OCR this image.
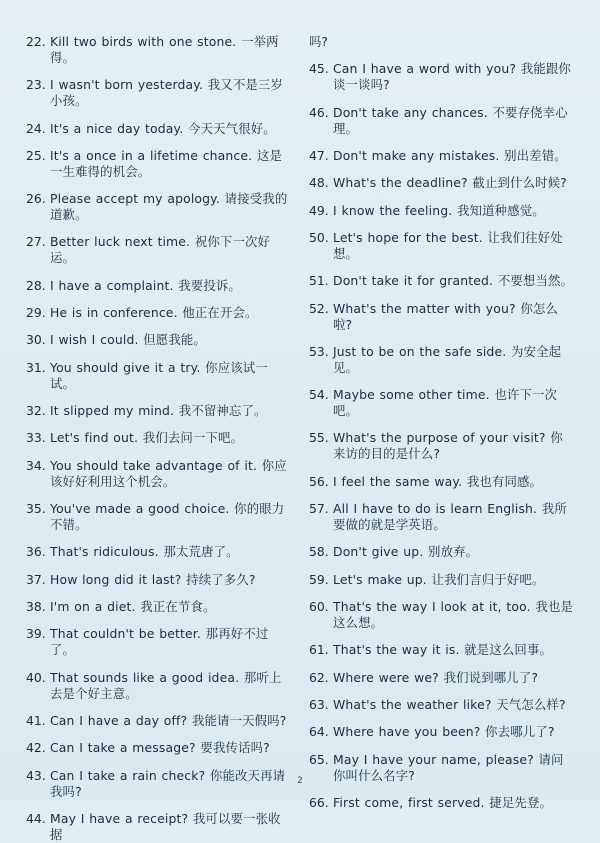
22. Kill two birds with one stone. 一举两得。
23. I wasn't born yesterday. 我又不是三岁小孩。
24. It's a nice day today. 今天天气很好。
25. It's a once in a lifetime chance. 这是一生难得的机会。
26. Please accept my apology. 请接受我的道歉。
27. Better luck next time. 祝你下一次好运。
28. I have a complaint. 我要投诉。
29. He is in conference. 他正在开会。
30. I wish I could. 但愿我能。
31. You should give it a try. 你应该试一试。
32. It slipped my mind. 我不留神忘了。
33. Let's find out. 我们去问一下吧。
34. You should take advantage of it. 你应该好好利用这个机会。
35. You've made a good choice. 你的眼力不错。
36. That's ridiculous. 那太荒唐了。
37. How long did it last? 持续了多久?
38. I'm on a diet. 我正在节食。
39. That couldn't be better. 那再好不过了。
40. That sounds like a good idea. 那听上去是个好主意。
41. Can I have a day off? 我能请一天假吗?
42. Can I take a message? 要我传话吗?
43. Can I take a rain check? 你能改天再请我吗?
44. May I have a receipt? 我可以要一张收据
吗?
45. Can I have a word with you? 我能跟你谈一谈吗?
46. Don't take any chances. 不要存侥幸心理。
47. Don't make any mistakes. 别出差错。
48. What's the deadline? 截止到什么时候?
49. I know the feeling. 我知道种感觉。
50. Let's hope for the best. 让我们往好处想。
51. Don't take it for granted. 不要想当然。
52. What's the matter with you? 你怎么啦?
53. Just to be on the safe side. 为安全起见。
54. Maybe some other time. 也许下一次吧。
55. What's the purpose of your visit? 你来访的目的是什么?
56. I feel the same way. 我也有同感。
57. All I have to do is learn English. 我所要做的就是学英语。
58. Don't give up. 别放弃。
59. Let's make up. 让我们言归于好吧。
60. That's the way I look at it, too. 我也是这么想。
61. That's the way it is. 就是这么回事。
62. Where were we? 我们说到哪儿了?
63. What's the weather like? 天气怎么样?
64. Where have you been? 你去哪儿了?
65. May I have your name, please? 请问你叫什么名字?
66. First come, first served. 捷足先登。
2
